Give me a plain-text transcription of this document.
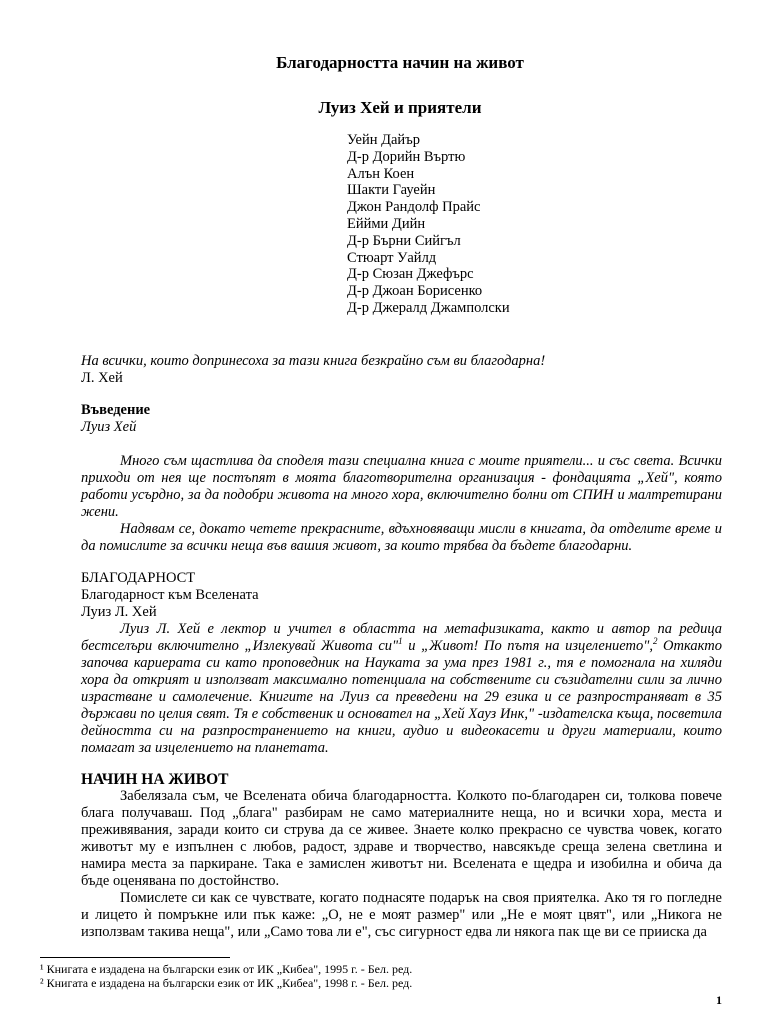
Благодарността начин на живот
Луиз Хей и приятели
Уейн Дайър
Д-р Дорийн Въртю
Алън Коен
Шакти Гауейн
Джон Рандолф Прайс
Еййми Дийн
Д-р Бърни Сийгъл
Стюарт Уайлд
Д-р Сюзан Джефърс
Д-р Джоан Борисенко
Д-р Джералд Джамполски

На всички, които допринесоха за тази книга безкрайно съм ви благодарна!

Л. Хей

Въведение

Луиз Хей

Много съм щастлива да споделя тази специална книга с моите приятели... и със света. Всички приходи от нея ще постъпят в моята благотворителна организация - фондацията „Хей", която работи усърдно, за да подобри живота на много хора, включително болни от СПИН и малтретирани жени.

Надявам се, докато четете прекрасните, вдъхновяващи мисли в книгата, да отделите време и да помислите за всички неща във вашия живот, за които трябва да бъдете благодарни.

БЛАГОДАРНОСТ

Благодарност към Вселената

Луиз Л. Хей

Луиз Л. Хей е лектор и учител в областта на метафизиката, както и автор па редица бестселъри включително „Излекувай Живота си"$^1$ и „Живот! По пътя на изцелението",$^2$ Откакто започва кариерата си като проповедник на Науката за ума през 1981 г., тя е помогнала на хиляди хора да открият и използват максимално потенциала на собствените си съзидателни сили за лично израстване и самолечение. Книгите на Луиз са преведени на 29 езика и се разпространяват в 35 държави по целия свят. Тя е собственик и основател на „Хей Хауз Инк," -издателска къща, посветила дейността си на разпространението на книги, аудио и видеокасети и други материали, които помагат за изцелението на планетата.

НАЧИН НА ЖИВОТ

Забелязала съм, че Вселената обича благодарността. Колкото по-благодарен си, толкова повече блага получаваш. Под „блага" разбирам не само материалните неща, но и всички хора, места и преживявания, заради които си струва да се живее. Знаете колко прекрасно се чувства човек, когато животът му е изпълнен с любов, радост, здраве и творчество, навсякъде среща зелена светлина и намира места за паркиране. Така е замислен животът ни. Вселената е щедра и изобилна и обича да бъде оценявана по достойнство.

Помислете си как се чувствате, когато поднасяте подарък на своя приятелка. Ако тя го погледне и лицето ѝ помръкне или пък каже: „О, не е моят размер" или „Не е моят цвят", или „Никога не използвам такива неща", или „Само това ли е", със сигурност едва ли някога пак ще ви се прииска да

¹ Книгата е издадена на български език от ИК „Кибеа", 1995 г. - Бел. ред.
² Книгата е издадена на български език от ИК „Кибеа", 1998 г. - Бел. ред.
1
